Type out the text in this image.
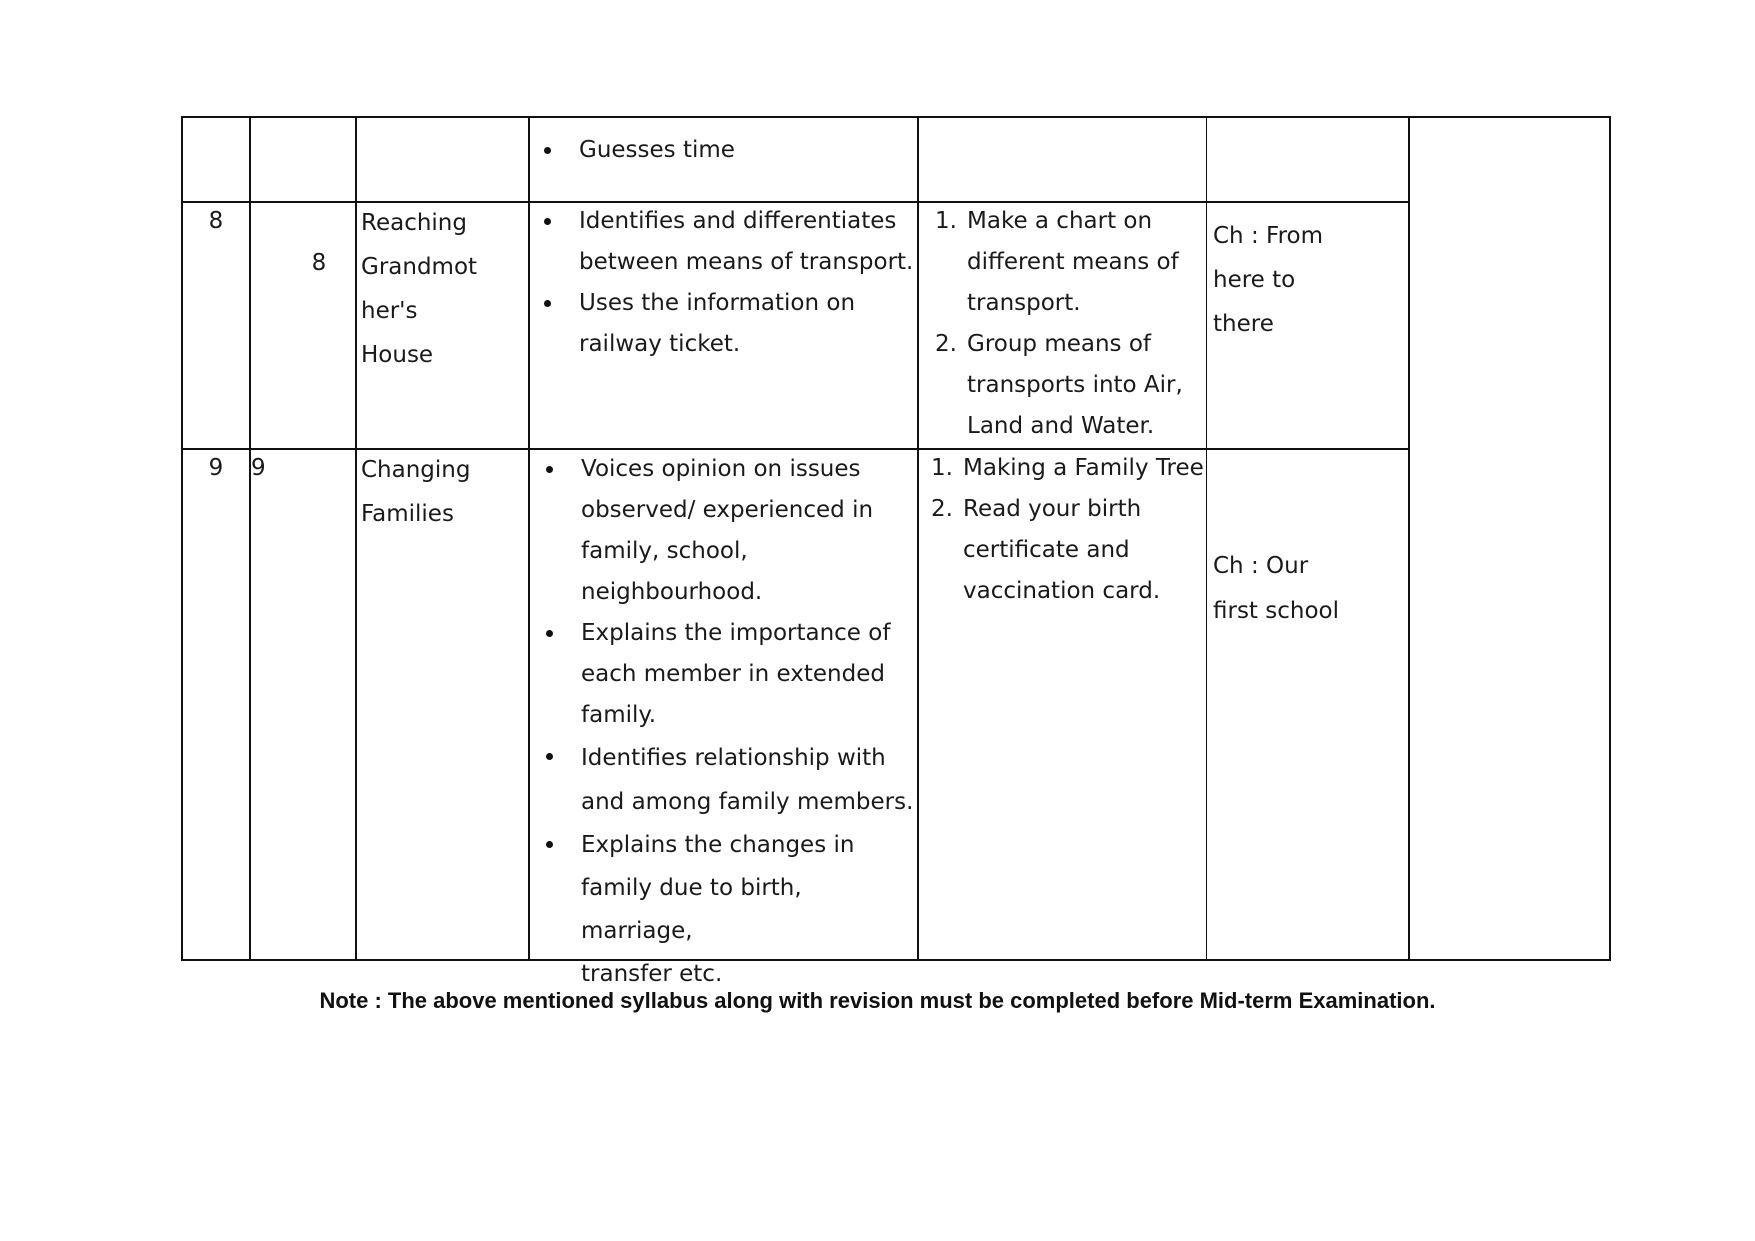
Guesses time
8
8

Reaching

Grandmot

her's

House

Identifies and differentiates
between means of transport.
Uses the information on
railway ticket.
1. Make a chart on
different means of
transport.
2. Group means of
transports into Air,
Land and Water.

Ch : From

here to

there

9	9	Changing

Families

Voices opinion on issues
observed/ experienced in
family, school,
neighbourhood.
Explains the importance of
each member in extended
family.
Identifies relationship with
and among family members.
Explains the changes in
family due to birth, marriage,
transfer etc.
1. Making a Family Tree
2. Read your birth
certificate and
vaccination card.

Ch : Our

first school

Note : The above mentioned syllabus along with revision must be completed before Mid-term Examination.
